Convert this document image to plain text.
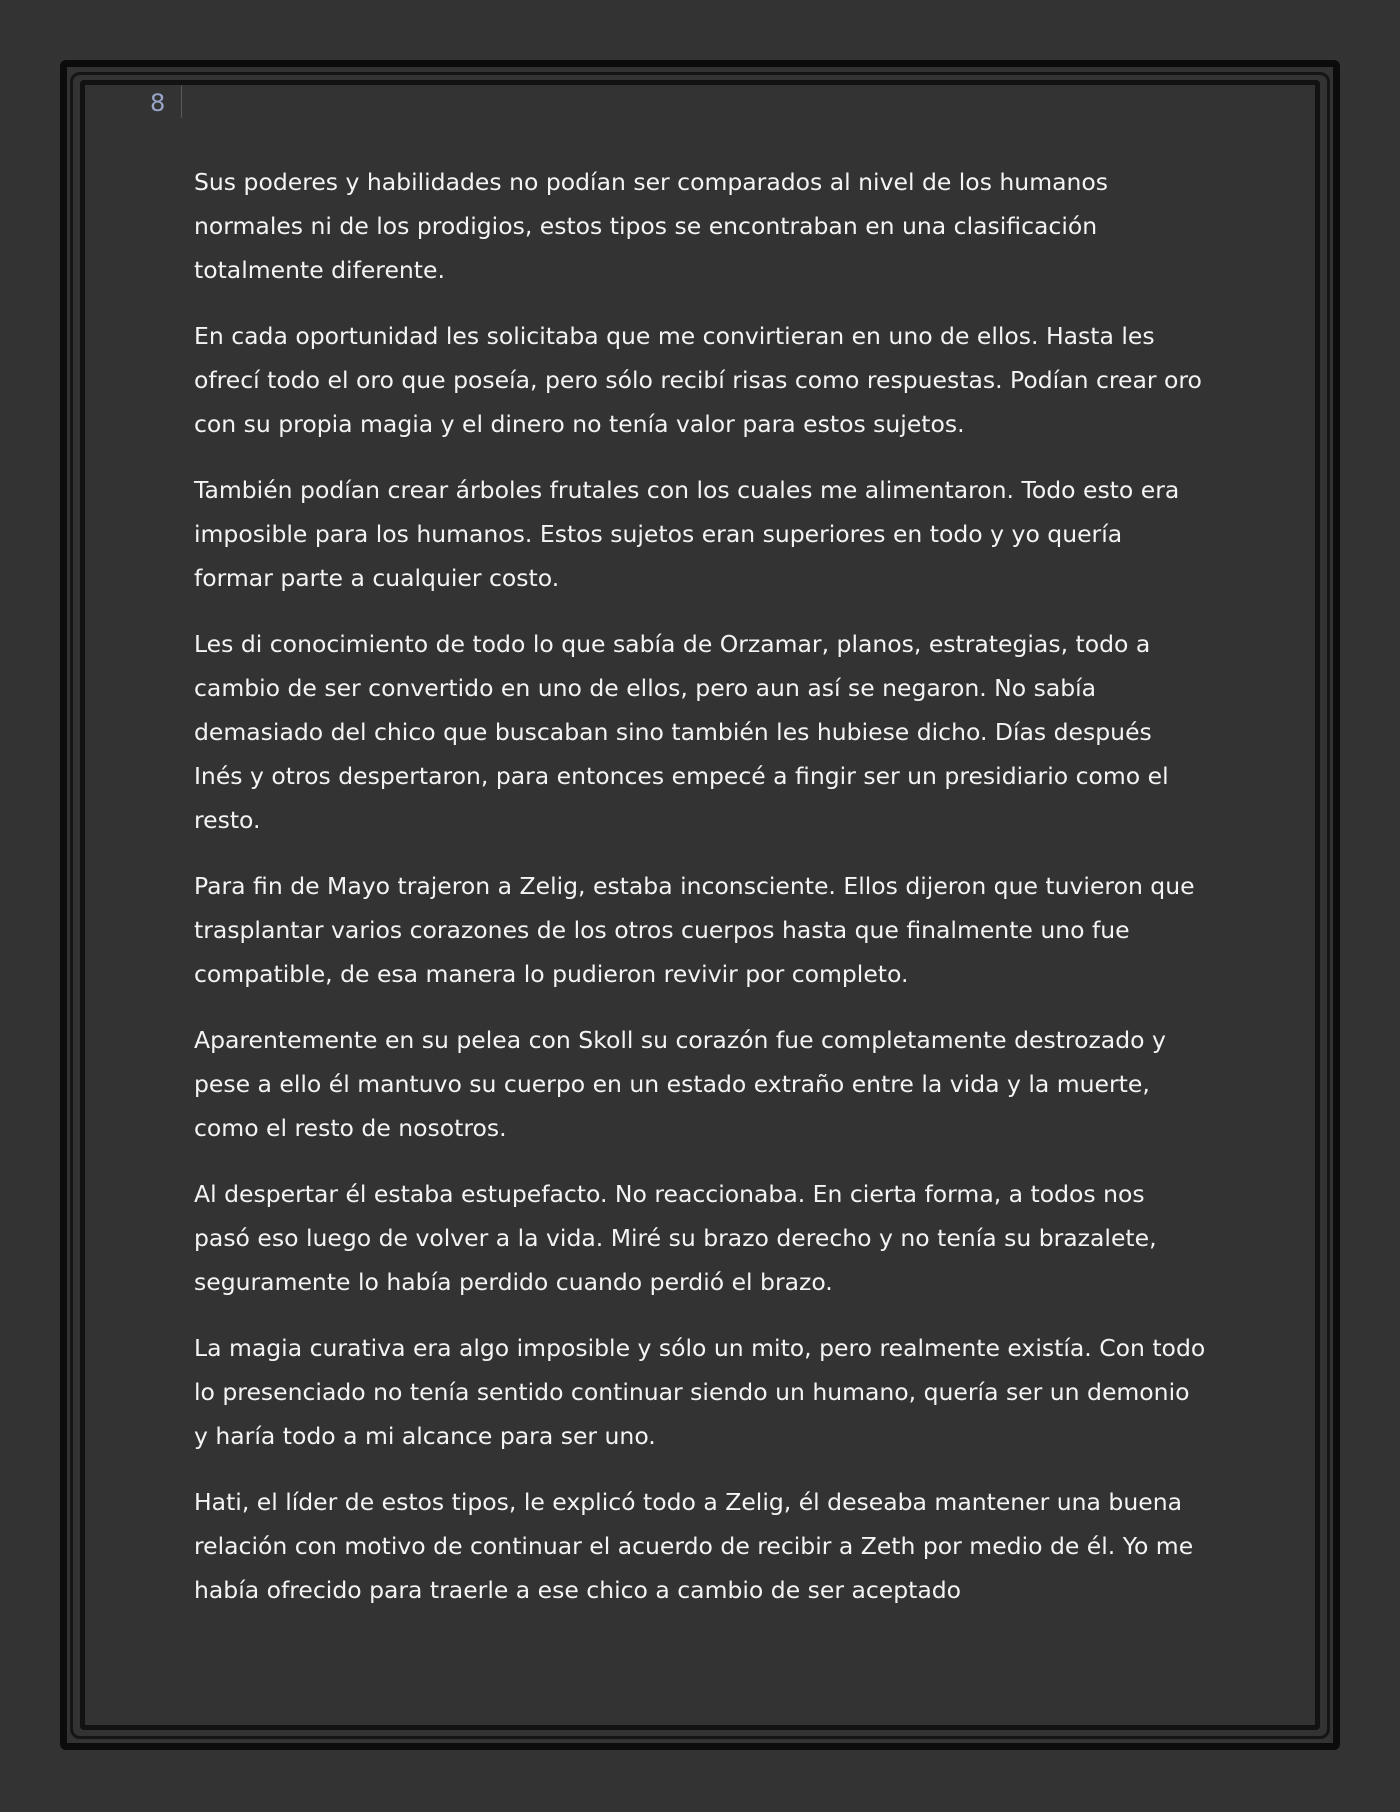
8

Sus poderes y habilidades no podían ser comparados al nivel de los humanos normales ni de los prodigios, estos tipos se encontraban en una clasificación totalmente diferente.

En cada oportunidad les solicitaba que me convirtieran en uno de ellos. Hasta les ofrecí todo el oro que poseía, pero sólo recibí risas como respuestas. Podían crear oro con su propia magia y el dinero no tenía valor para estos sujetos.

También podían crear árboles frutales con los cuales me alimentaron. Todo esto era imposible para los humanos. Estos sujetos eran superiores en todo y yo quería formar parte a cualquier costo.

Les di conocimiento de todo lo que sabía de Orzamar, planos, estrategias, todo a cambio de ser convertido en uno de ellos, pero aun así se negaron. No sabía demasiado del chico que buscaban sino también les hubiese dicho. Días después Inés y otros despertaron, para entonces empecé a fingir ser un presidiario como el resto.

Para fin de Mayo trajeron a Zelig, estaba inconsciente. Ellos dijeron que tuvieron que trasplantar varios corazones de los otros cuerpos hasta que finalmente uno fue compatible, de esa manera lo pudieron revivir por completo.

Aparentemente en su pelea con Skoll su corazón fue completamente destrozado y pese a ello él mantuvo su cuerpo en un estado extraño entre la vida y la muerte, como el resto de nosotros.

Al despertar él estaba estupefacto. No reaccionaba. En cierta forma, a todos nos pasó eso luego de volver a la vida. Miré su brazo derecho y no tenía su brazalete, seguramente lo había perdido cuando perdió el brazo.

La magia curativa era algo imposible y sólo un mito, pero realmente existía. Con todo lo presenciado no tenía sentido continuar siendo un humano, quería ser un demonio y haría todo a mi alcance para ser uno.

Hati, el líder de estos tipos, le explicó todo a Zelig, él deseaba mantener una buena relación con motivo de continuar el acuerdo de recibir a Zeth por medio de él. Yo me había ofrecido para traerle a ese chico a cambio de ser aceptado
